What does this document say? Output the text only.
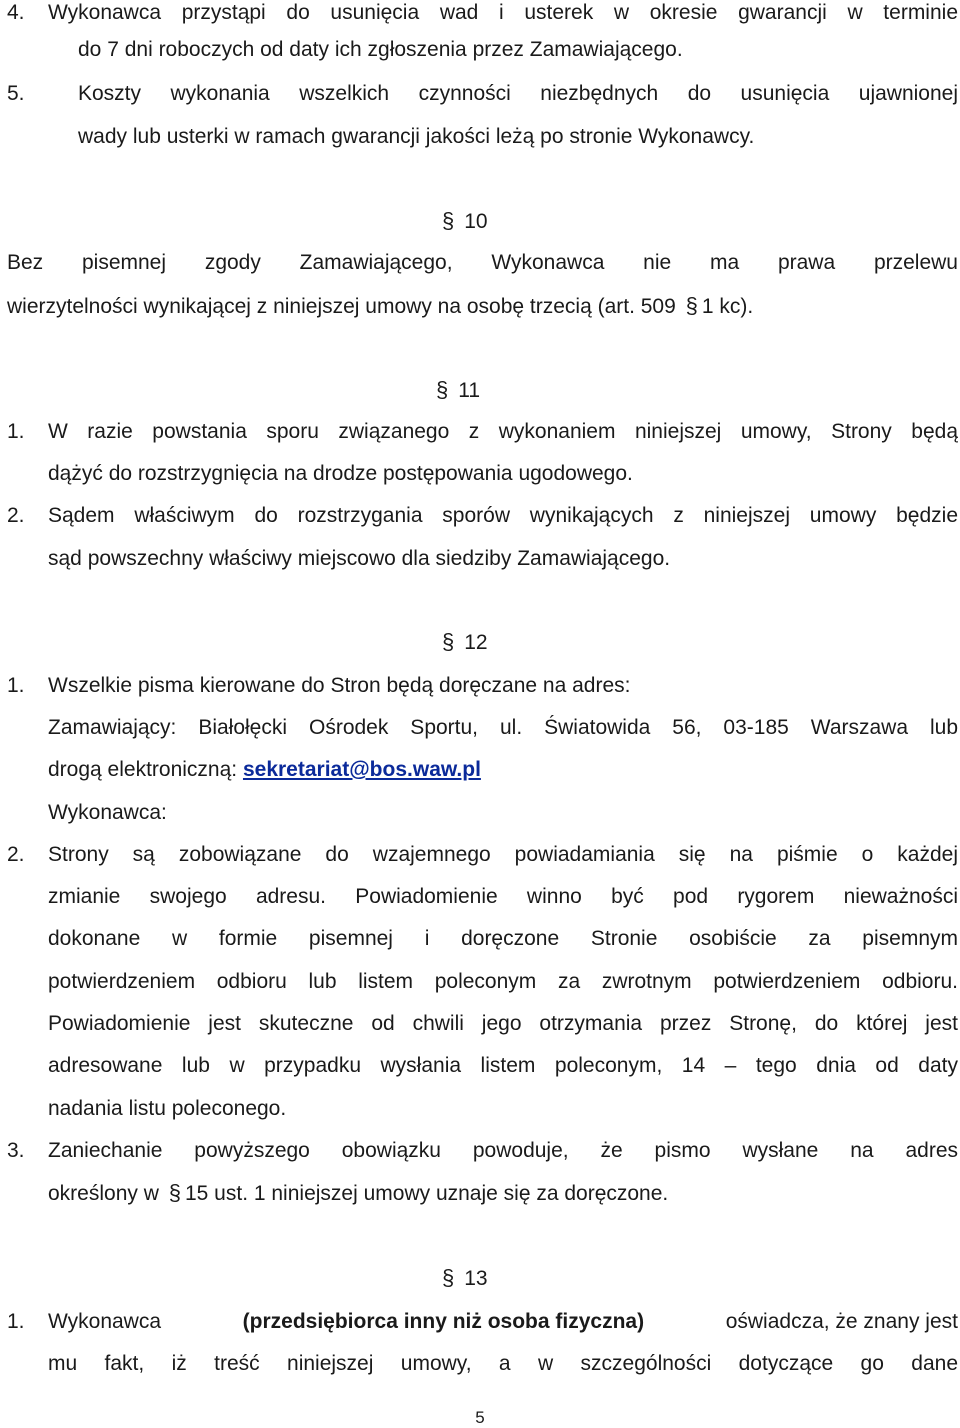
4. Wykonawca przystąpi do usunięcia wad i usterek w okresie gwarancji w terminie
do 7 dni roboczych od daty ich zgłoszenia przez Zamawiającego.
5.	Koszty wykonania wszelkich czynności niezbędnych do usunięcia ujawnionej
wady lub usterki w ramach gwarancji jakości leżą po stronie Wykonawcy.
§ 10
Bez pisemnej zgody Zamawiającego, Wykonawca nie ma prawa przelewu
wierzytelności wynikającej z niniejszej umowy na osobę trzecią (art. 509 § 1 kc).
§ 11
1. W razie powstania sporu związanego z wykonaniem niniejszej umowy, Strony będą
dążyć do rozstrzygnięcia na drodze postępowania ugodowego.
2. Sądem właściwym do rozstrzygania sporów wynikających z niniejszej umowy będzie
sąd powszechny właściwy miejscowo dla siedziby Zamawiającego.
§ 12
1. Wszelkie pisma kierowane do Stron będą doręczane na adres:
Zamawiający: Białołęcki Ośrodek Sportu, ul. Światowida 56, 03-185 Warszawa lub
drogą elektroniczną: sekretariat@bos.waw.pl
Wykonawca:
2. Strony są zobowiązane do wzajemnego powiadamiania się na piśmie o każdej
zmianie swojego adresu. Powiadomienie winno być pod rygorem nieważności
dokonane w formie pisemnej i doręczone Stronie osobiście za pisemnym
potwierdzeniem odbioru lub listem poleconym za zwrotnym potwierdzeniem odbioru.
Powiadomienie jest skuteczne od chwili jego otrzymania przez Stronę, do której jest
adresowane lub w przypadku wysłania listem poleconym, 14 – tego dnia od daty
nadania listu poleconego.
3. Zaniechanie powyższego obowiązku powoduje, że pismo wysłane na adres
określony w § 15 ust. 1 niniejszej umowy uznaje się za doręczone.
§ 13
1. Wykonawca	(przedsiębiorca inny niż osoba fizyczna)	oświadcza, że znany jest
mu fakt, iż treść niniejszej umowy, a w szczególności dotyczące go dane
5
